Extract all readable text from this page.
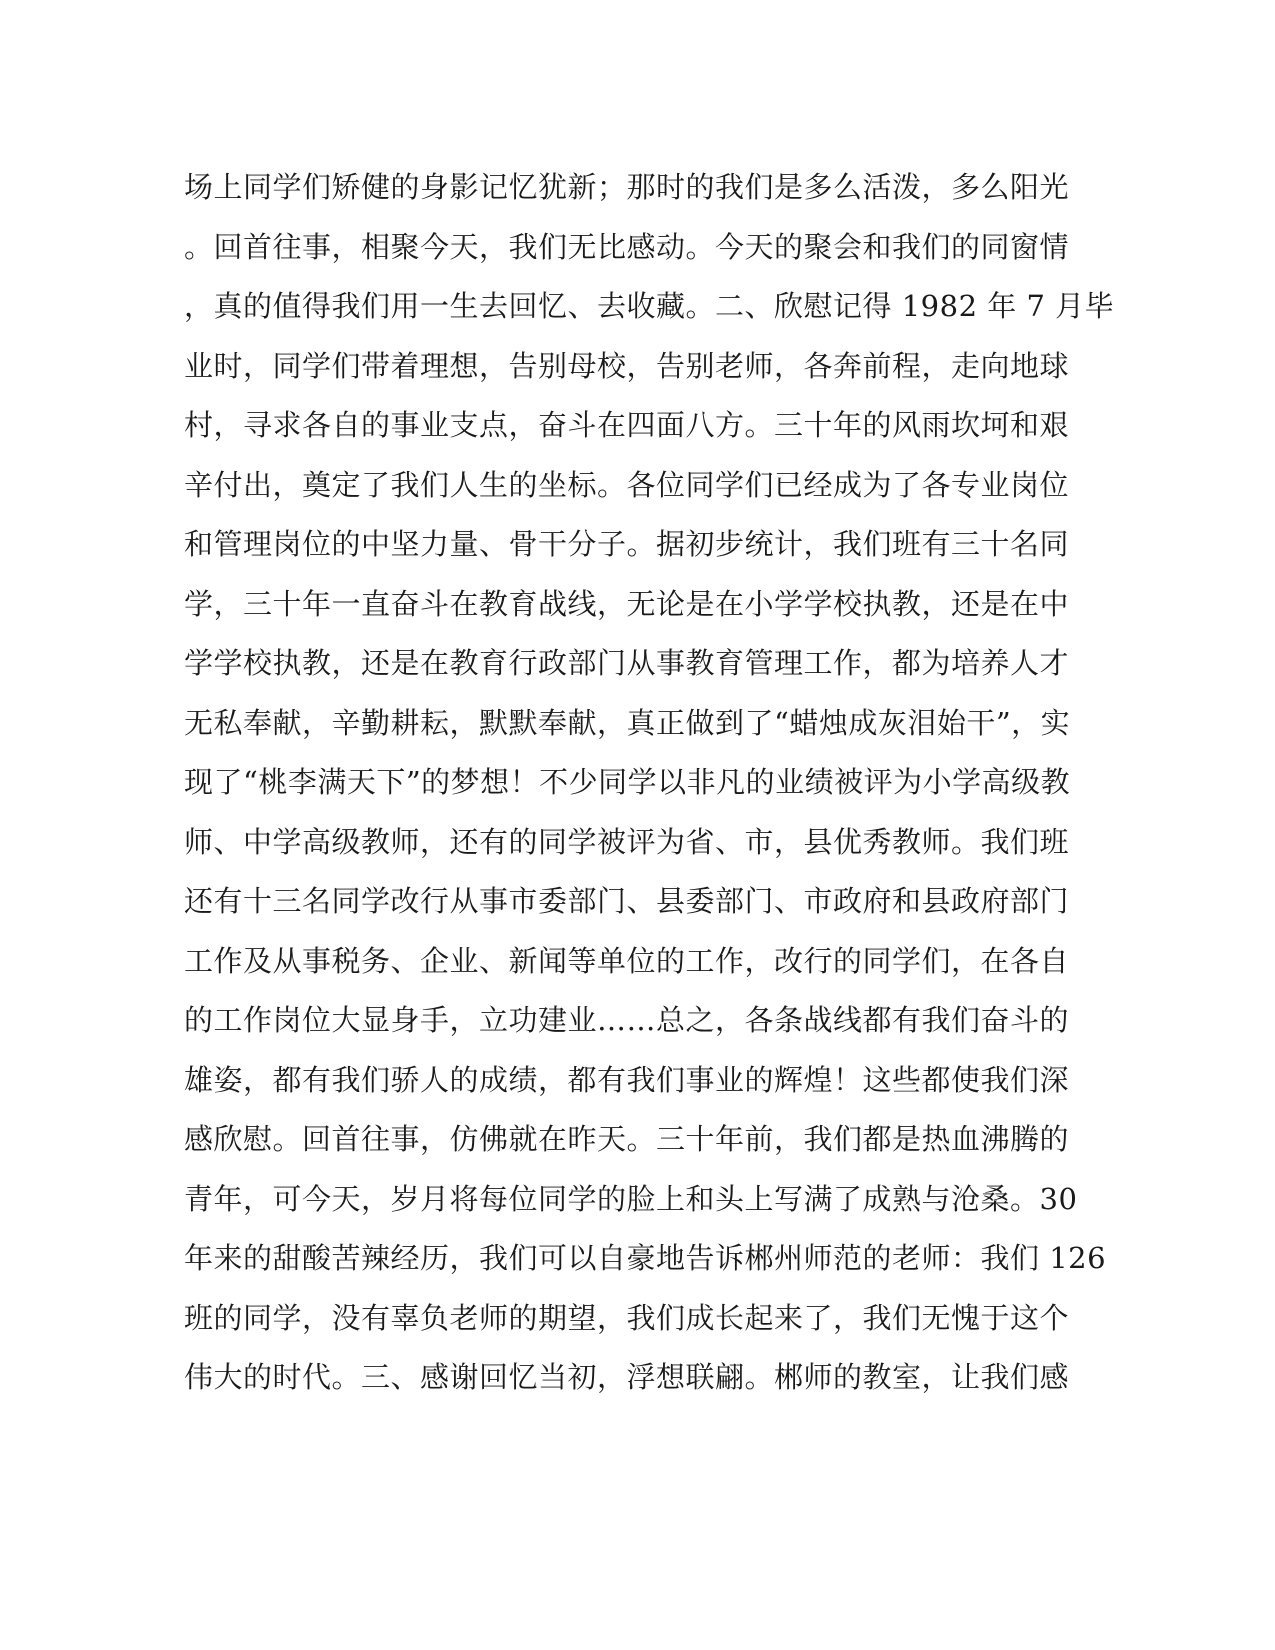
场上同学们矫健的身影记忆犹新；那时的我们是多么活泼，多么阳光
。回首往事，相聚今天，我们无比感动。今天的聚会和我们的同窗情
，真的值得我们用一生去回忆、去收藏。二、欣慰记得 1982 年 7 月毕
业时，同学们带着理想，告别母校，告别老师，各奔前程，走向地球
村，寻求各自的事业支点，奋斗在四面八方。三十年的风雨坎坷和艰
辛付出，奠定了我们人生的坐标。各位同学们已经成为了各专业岗位
和管理岗位的中坚力量、骨干分子。据初步统计，我们班有三十名同
学，三十年一直奋斗在教育战线，无论是在小学学校执教，还是在中
学学校执教，还是在教育行政部门从事教育管理工作，都为培养人才
无私奉献，辛勤耕耘，默默奉献，真正做到了“蜡烛成灰泪始干”，实
现了“桃李满天下”的梦想！不少同学以非凡的业绩被评为小学高级教
师、中学高级教师，还有的同学被评为省、市，县优秀教师。我们班
还有十三名同学改行从事市委部门、县委部门、市政府和县政府部门
工作及从事税务、企业、新闻等单位的工作，改行的同学们，在各自
的工作岗位大显身手，立功建业……总之，各条战线都有我们奋斗的
雄姿，都有我们骄人的成绩，都有我们事业的辉煌！这些都使我们深
感欣慰。回首往事，仿佛就在昨天。三十年前，我们都是热血沸腾的
青年，可今天，岁月将每位同学的脸上和头上写满了成熟与沧桑。30
年来的甜酸苦辣经历，我们可以自豪地告诉郴州师范的老师：我们 126
班的同学，没有辜负老师的期望，我们成长起来了，我们无愧于这个
伟大的时代。三、感谢回忆当初，浮想联翩。郴师的教室，让我们感
